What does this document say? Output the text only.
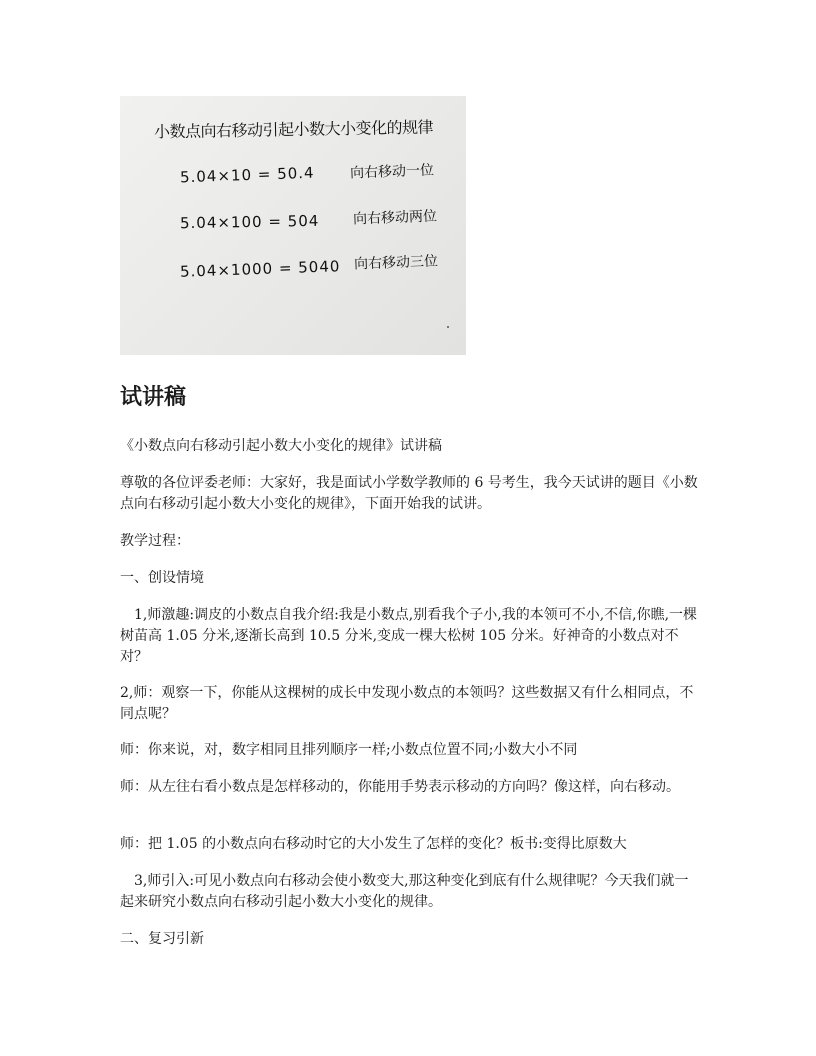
小数点向右移动引起小数大小变化的规律
5.04×10 = 50.4 向右移动一位
5.04×100 = 504 向右移动两位
5.04×1000 = 5040 向右移动三位
试讲稿

《小数点向右移动引起小数大小变化的规律》试讲稿

尊敬的各位评委老师：大家好，我是面试小学数学教师的 6 号考生，我今天试讲的题目《小数点向右移动引起小数大小变化的规律》，下面开始我的试讲。

教学过程：

一、创设情境

1,师激趣:调皮的小数点自我介绍:我是小数点,别看我个子小,我的本领可不小,不信,你瞧,一棵树苗高 1.05 分米,逐渐长高到 10.5 分米,变成一棵大松树 105 分米。好神奇的小数点对不对？

2,师：观察一下，你能从这棵树的成长中发现小数点的本领吗？这些数据又有什么相同点，不同点呢？

师：你来说，对，数字相同且排列顺序一样;小数点位置不同;小数大小不同

师：从左往右看小数点是怎样移动的，你能用手势表示移动的方向吗？像这样，向右移动。

师：把 1.05 的小数点向右移动时它的大小发生了怎样的变化？板书:变得比原数大

3,师引入:可见小数点向右移动会使小数变大,那这种变化到底有什么规律呢？今天我们就一起来研究小数点向右移动引起小数大小变化的规律。

二、复习引新
